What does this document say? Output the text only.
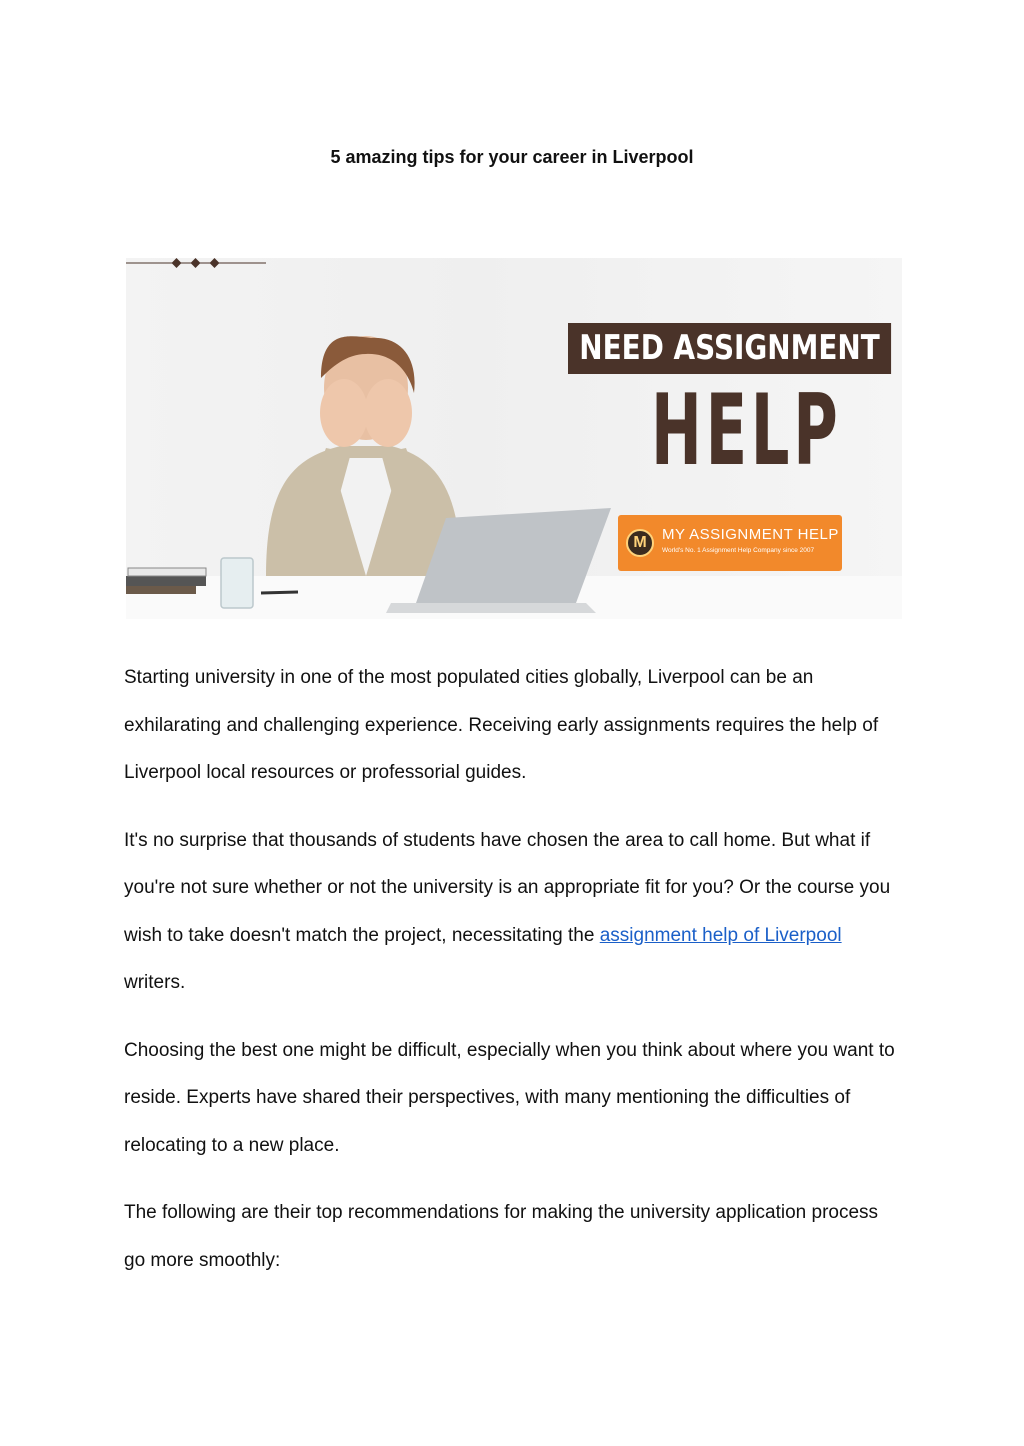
5 amazing tips for your career in Liverpool
NEED ASSIGNMENT
HELP
M	MY ASSIGNMENT HELP
World's No. 1 Assignment Help Company since 2007

Starting university in one of the most populated cities globally, Liverpool can be an exhilarating and challenging experience. Receiving early assignments requires the help of Liverpool local resources or professorial guides.

It's no surprise that thousands of students have chosen the area to call home. But what if you're not sure whether or not the university is an appropriate fit for you? Or the course you wish to take doesn't match the project, necessitating the assignment help of Liverpool writers.

Choosing the best one might be difficult, especially when you think about where you want to reside. Experts have shared their perspectives, with many mentioning the difficulties of relocating to a new place.

The following are their top recommendations for making the university application process go more smoothly:
